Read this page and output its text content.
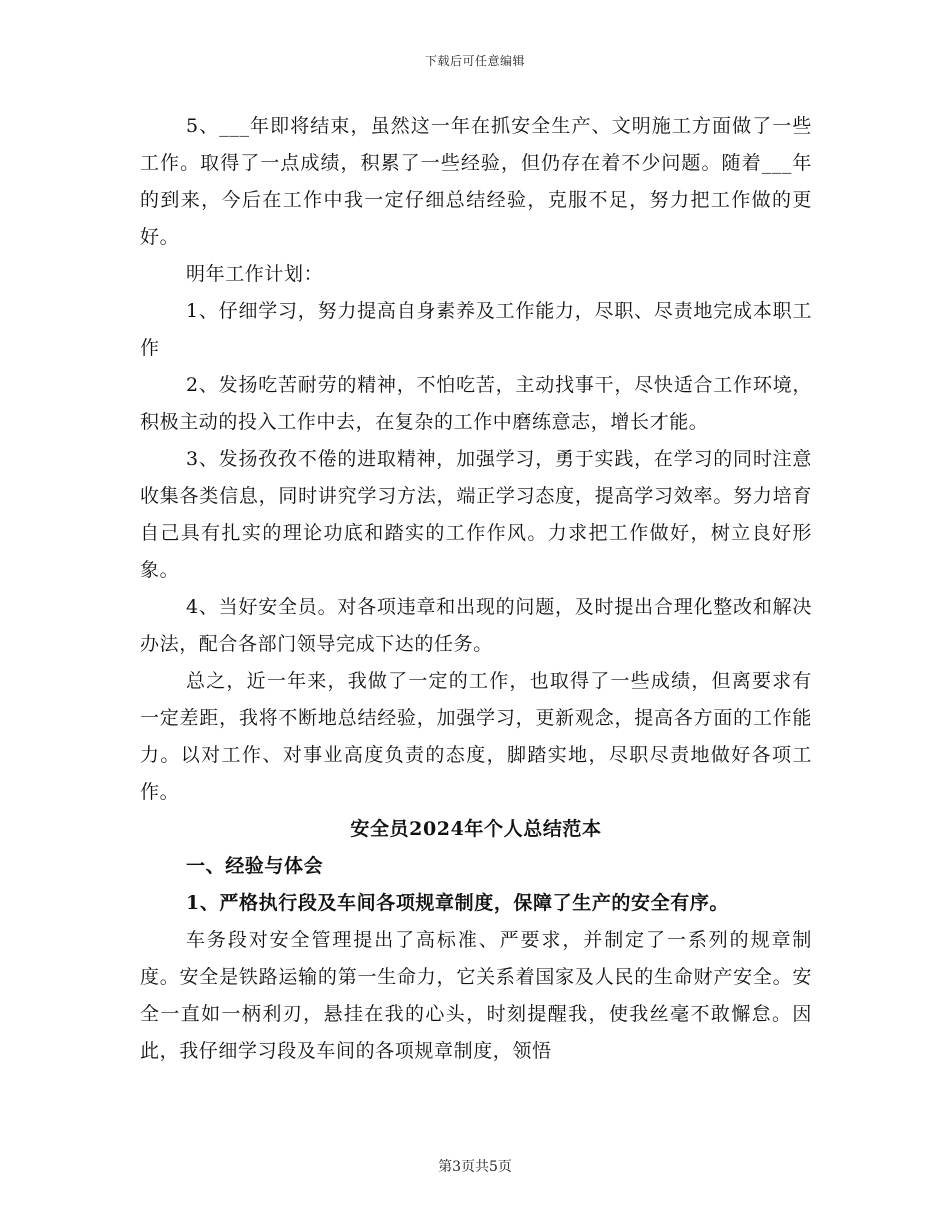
下载后可任意编辑

5、___年即将结束，虽然这一年在抓安全生产、文明施工方面做了一些工作。取得了一点成绩，积累了一些经验，但仍存在着不少问题。随着___年的到来，今后在工作中我一定仔细总结经验，克服不足，努力把工作做的更好。

明年工作计划：

1、仔细学习，努力提高自身素养及工作能力，尽职、尽责地完成本职工作

2、发扬吃苦耐劳的精神，不怕吃苦，主动找事干，尽快适合工作环境，积极主动的投入工作中去，在复杂的工作中磨练意志，增长才能。

3、发扬孜孜不倦的进取精神，加强学习，勇于实践，在学习的同时注意收集各类信息，同时讲究学习方法，端正学习态度，提高学习效率。努力培育自己具有扎实的理论功底和踏实的工作作风。力求把工作做好，树立良好形象。

4、当好安全员。对各项违章和出现的问题，及时提出合理化整改和解决办法，配合各部门领导完成下达的任务。

总之，近一年来，我做了一定的工作，也取得了一些成绩，但离要求有一定差距，我将不断地总结经验，加强学习，更新观念，提高各方面的工作能力。以对工作、对事业高度负责的态度，脚踏实地，尽职尽责地做好各项工作。

安全员2024年个人总结范本

一、经验与体会

1、严格执行段及车间各项规章制度，保障了生产的安全有序。

车务段对安全管理提出了高标准、严要求，并制定了一系列的规章制度。安全是铁路运输的第一生命力，它关系着国家及人民的生命财产安全。安全一直如一柄利刃，悬挂在我的心头，时刻提醒我，使我丝毫不敢懈怠。因此，我仔细学习段及车间的各项规章制度，领悟

第3页共5页
